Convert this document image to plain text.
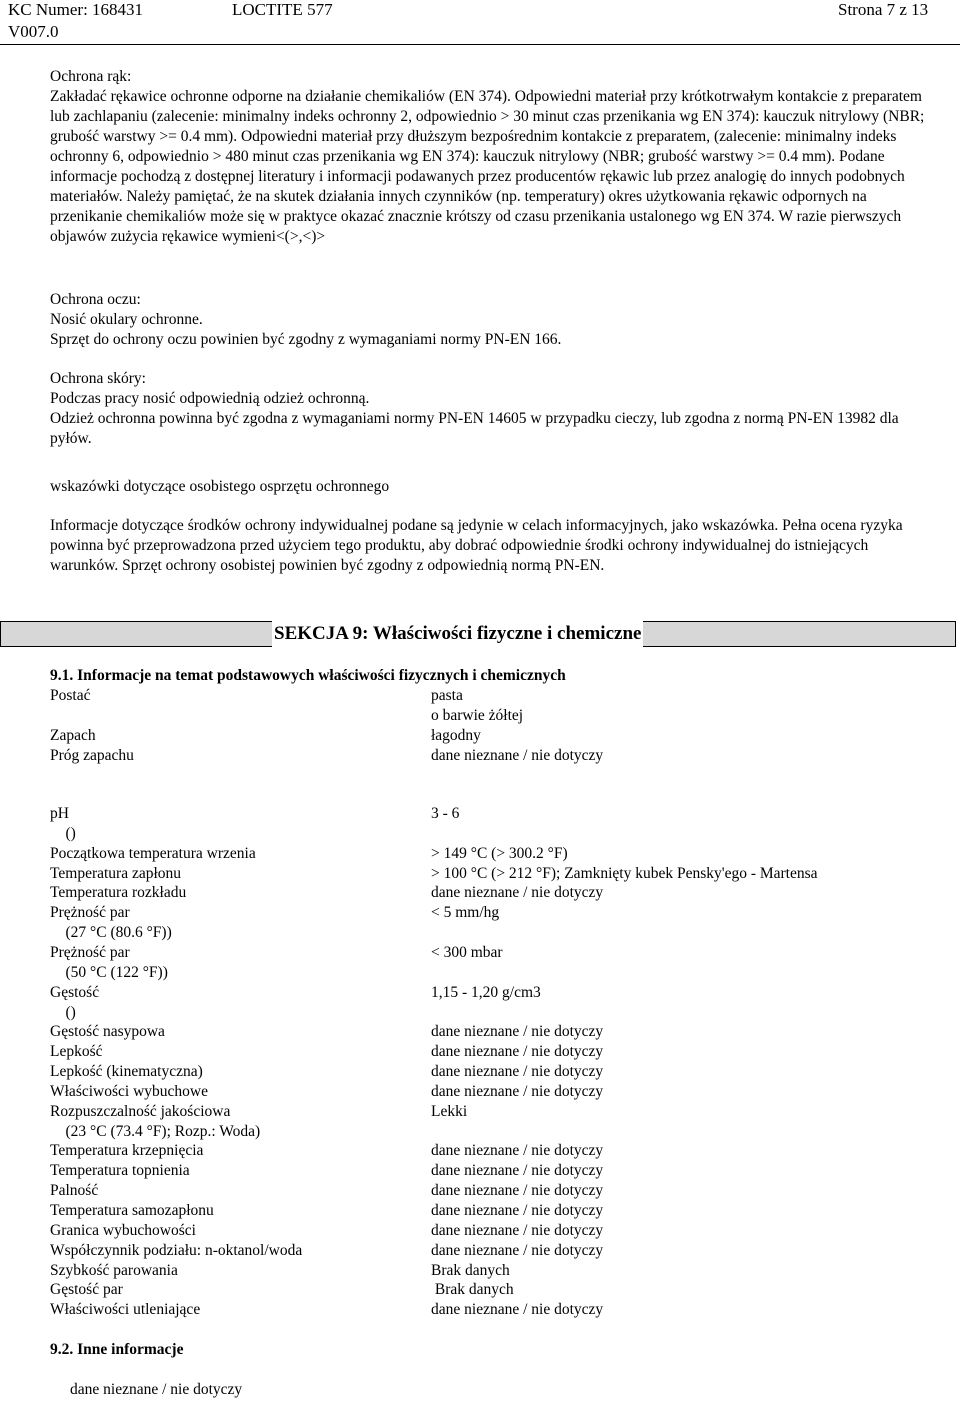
KC Numer: 168431
V007.0
LOCTITE 577	Strona 7 z 13
Ochrona rąk:
Zakładać rękawice ochronne odporne na działanie chemikaliów (EN 374). Odpowiedni materiał przy krótkotrwałym kontakcie z preparatem lub zachlapaniu (zalecenie: minimalny indeks ochronny 2, odpowiednio > 30 minut czas przenikania wg EN 374): kauczuk nitrylowy (NBR; grubość warstwy >= 0.4 mm). Odpowiedni materiał przy dłuższym bezpośrednim kontakcie z preparatem, (zalecenie: minimalny indeks ochronny 6, odpowiednio > 480 minut czas przenikania wg EN 374): kauczuk nitrylowy (NBR; grubość warstwy >= 0.4 mm). Podane informacje pochodzą z dostępnej literatury i informacji podawanych przez producentów rękawic lub przez analogię do innych podobnych materiałów. Należy pamiętać, że na skutek działania innych czynników (np. temperatury) okres użytkowania rękawic odpornych na przenikanie chemikaliów może się w praktyce okazać znacznie krótszy od czasu przenikania ustalonego wg EN 374. W razie pierwszych objawów zużycia rękawice wymieni<(>,<)>
Ochrona oczu:
Nosić okulary ochronne.
Sprzęt do ochrony oczu powinien być zgodny z wymaganiami normy PN-EN 166.
Ochrona skóry:
Podczas pracy nosić odpowiednią odzież ochronną.
Odzież ochronna powinna być zgodna z wymaganiami normy PN-EN 14605 w przypadku cieczy, lub zgodna z normą PN-EN 13982 dla pyłów.
wskazówki dotyczące osobistego osprzętu ochronnego
Informacje dotyczące środków ochrony indywidualnej podane są jedynie w celach informacyjnych, jako wskazówka. Pełna ocena ryzyka powinna być przeprowadzona przed użyciem tego produktu, aby dobrać odpowiednie środki ochrony indywidualnej do istniejących warunków. Sprzęt ochrony osobistej powinien być zgodny z odpowiednią normą PN-EN.
SEKCJA 9: Właściwości fizyczne i chemiczne
9.1. Informacje na temat podstawowych właściwości fizycznych i chemicznych
Postać	pasta
o barwie żółtej
Zapach	łagodny
Próg zapachu	dane nieznane / nie dotyczy
pH	3 - 6
()
Początkowa temperatura wrzenia	> 149 °C (> 300.2 °F)
Temperatura zapłonu	> 100 °C (> 212 °F); Zamknięty kubek Pensky'ego - Martensa
Temperatura rozkładu	dane nieznane / nie dotyczy
Prężność par	< 5 mm/hg
(27 °C (80.6 °F))
Prężność par	< 300 mbar
(50 °C (122 °F))
Gęstość	1,15 - 1,20 g/cm3
()
Gęstość nasypowa	dane nieznane / nie dotyczy
Lepkość	dane nieznane / nie dotyczy
Lepkość (kinematyczna)	dane nieznane / nie dotyczy
Właściwości wybuchowe	dane nieznane / nie dotyczy
Rozpuszczalność jakościowa	Lekki
(23 °C (73.4 °F); Rozp.: Woda)
Temperatura krzepnięcia	dane nieznane / nie dotyczy
Temperatura topnienia	dane nieznane / nie dotyczy
Palność	dane nieznane / nie dotyczy
Temperatura samozapłonu	dane nieznane / nie dotyczy
Granica wybuchowości	dane nieznane / nie dotyczy
Współczynnik podziału: n-oktanol/woda	dane nieznane / nie dotyczy
Szybkość parowania	Brak danych
Gęstość par	Brak danych
Właściwości utleniające	dane nieznane / nie dotyczy
9.2. Inne informacje
dane nieznane / nie dotyczy
